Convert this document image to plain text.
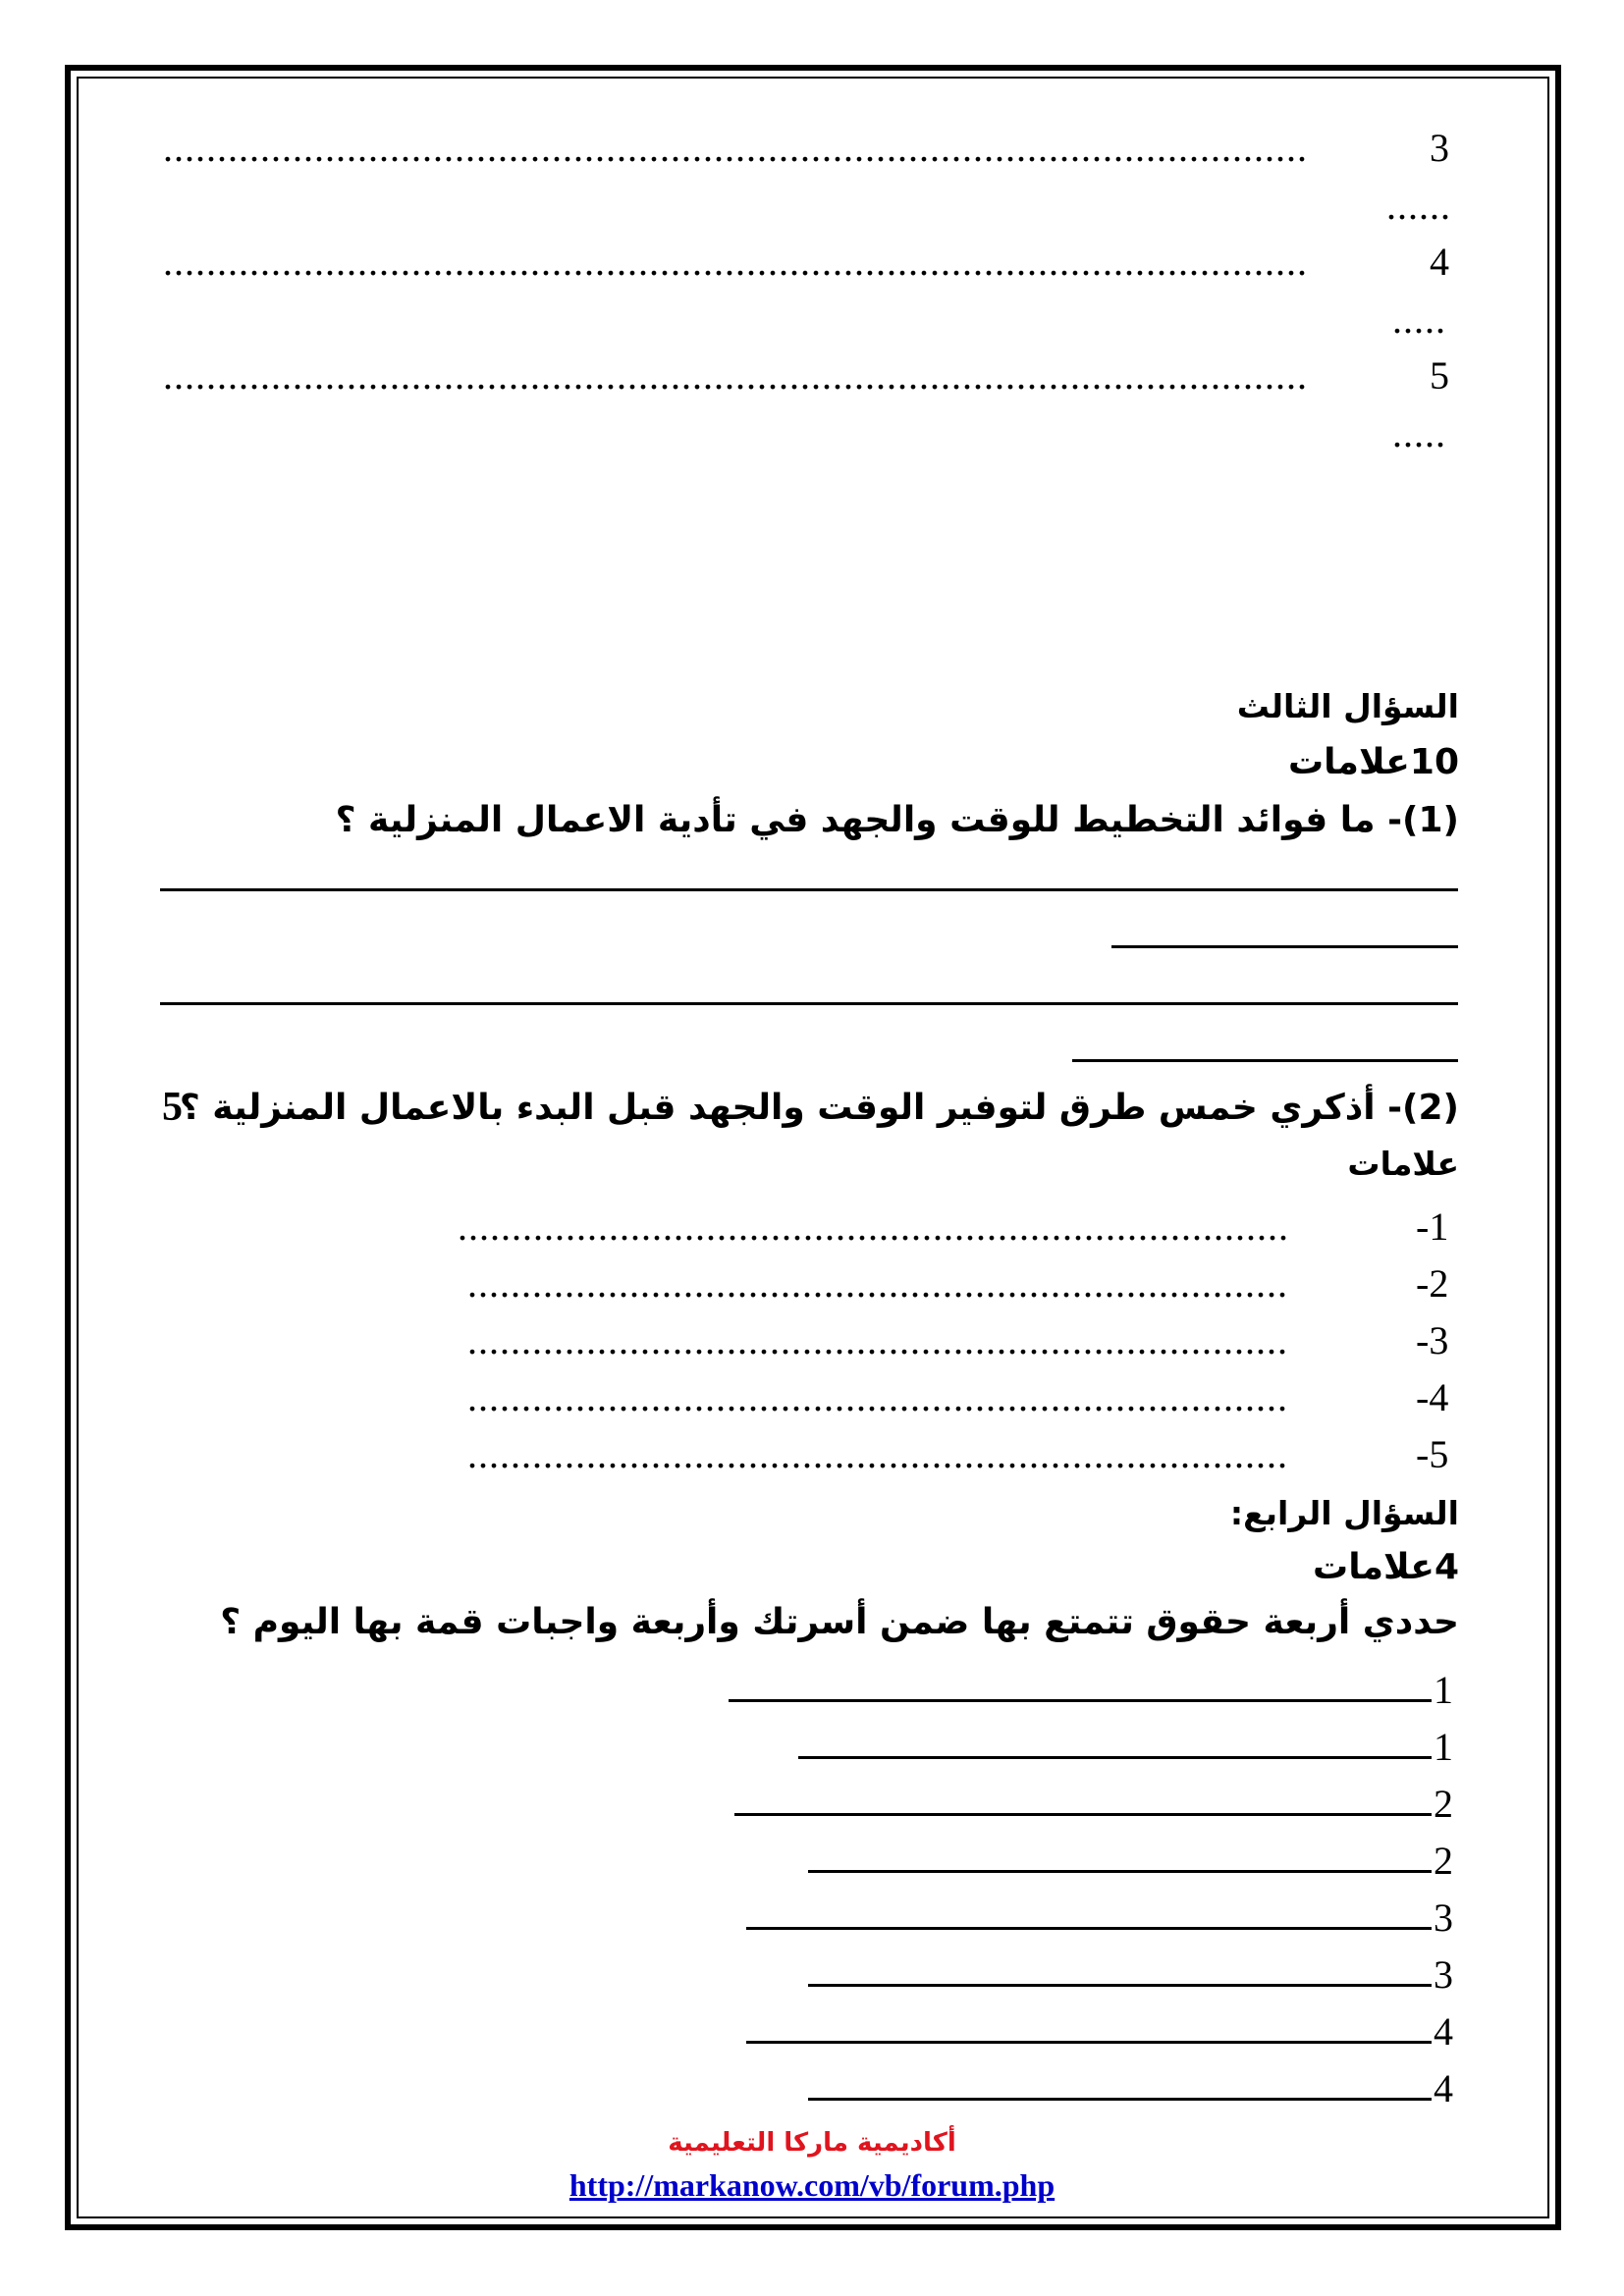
..........................................................................................................	3
......
..........................................................................................................	4
.....
..........................................................................................................	5
.....
السؤال الثالث
10علامات
(1)- ما فوائد التخطيط للوقت والجهد في تأدية الاعمال المنزلية ؟
(2)- أذكري خمس طرق لتوفير الوقت والجهد قبل البدء بالاعمال المنزلية ؟
5
علامات
.............................................................................	-1
............................................................................	-2
............................................................................	-3
............................................................................	-4
............................................................................	-5
السؤال الرابع:
4علامات
حددي أربعة حقوق تتمتع بها ضمن أسرتك وأربعة واجبات قمة بها اليوم ؟
1
1
2
2
3
3
4
4
أكاديمية ماركا التعليمية
http://markanow.com/vb/forum.php
